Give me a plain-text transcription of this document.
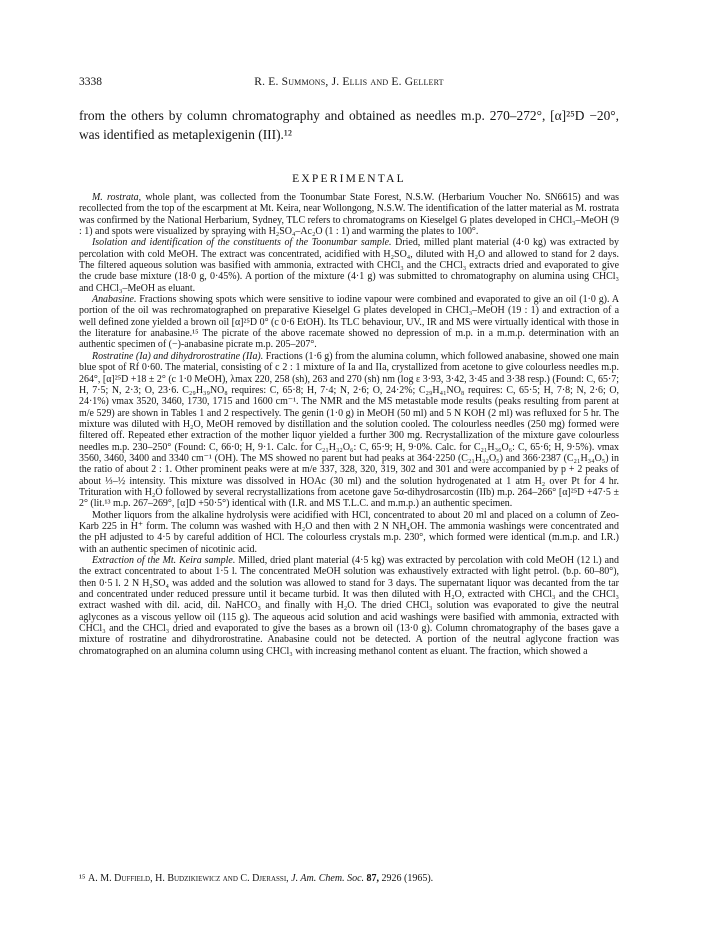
3338	R. E. Summons, J. Ellis and E. Gellert

from the others by column chromatography and obtained as needles m.p. 270–272°, [α]²⁵D −20°, was identified as metaplexigenin (III).¹²

EXPERIMENTAL

M. rostrata, whole plant, was collected from the Toonumbar State Forest, N.S.W. (Herbarium Voucher No. SN6615) and was recollected from the top of the escarpment at Mt. Keira, near Wollongong, N.S.W. The identification of the latter material as M. rostrata was confirmed by the National Herbarium, Sydney, TLC refers to chromatograms on Kieselgel G plates developed in CHCl₃–MeOH (9 : 1) and spots were visualized by spraying with H₂SO₄–Ac₂O (1 : 1) and warming the plates to 100°.

Isolation and identification of the constituents of the Toonumbar sample. Dried, milled plant material (4·0 kg) was extracted by percolation with cold MeOH. The extract was concentrated, acidified with H₂SO₄, diluted with H₂O and allowed to stand for 2 days. The filtered aqueous solution was basified with ammonia, extracted with CHCl₃ and the CHCl₃ extracts dried and evaporated to give the crude base mixture (18·0 g, 0·45%). A portion of the mixture (4·1 g) was submitted to chromatography on alumina using CHCl₃ and CHCl₃–MeOH as eluant.

Anabasine. Fractions showing spots which were sensitive to iodine vapour were combined and evaporated to give an oil (1·0 g). A portion of the oil was rechromatographed on preparative Kieselgel G plates developed in CHCl₃–MeOH (19 : 1) and extraction of a well defined zone yielded a brown oil [α]²⁵D 0° (c 0·6 EtOH). Its TLC behaviour, UV., IR and MS were virtually identical with those in the literature for anabasine.¹⁵ The picrate of the above racemate showed no depression of m.p. in a m.m.p. determination with an authentic specimen of (−)-anabasine picrate m.p. 205–207°.

Rostratine (Ia) and dihydrorostratine (IIa). Fractions (1·6 g) from the alumina column, which followed anabasine, showed one main blue spot of Rf 0·60. The material, consisting of c 2 : 1 mixture of Ia and IIa, crystallized from acetone to give colourless needles m.p. 264°, [α]²⁵D +18 ± 2° (c 1·0 MeOH), λmax 220, 258 (sh), 263 and 270 (sh) nm (log ε 3·93, 3·42, 3·45 and 3·38 resp.) (Found: C, 65·7; H, 7·5; N, 2·3; O, 23·6. C₂₉H₃₉NO₈ requires: C, 65·8; H, 7·4; N, 2·6; O, 24·2%; C₂₉H₄₁NO₈ requires: C, 65·5; H, 7·8; N, 2·6; O, 24·1%) νmax 3520, 3460, 1730, 1715 and 1600 cm⁻¹. The NMR and the MS metastable mode results (peaks resulting from parent at m/e 529) are shown in Tables 1 and 2 respectively. The genin (1·0 g) in MeOH (50 ml) and 5 N KOH (2 ml) was refluxed for 5 hr. The mixture was diluted with H₂O, MeOH removed by distillation and the solution cooled. The colourless needles (250 mg) formed were filtered off. Repeated ether extraction of the mother liquor yielded a further 300 mg. Recrystallization of the mixture gave colourless needles m.p. 230–250° (Found: C, 66·0; H, 9·1. Calc. for C₂₁H₃₂O₆: C, 65·9; H, 9·0%. Calc. for C₂₁H₃₆O₆: C, 65·6; H, 9·5%). νmax 3560, 3460, 3400 and 3340 cm⁻¹ (OH). The MS showed no parent but had peaks at 364·2250 (C₂₁H₃₂O₅) and 366·2387 (C₂₁H₃₄O₅) in the ratio of about 2 : 1. Other prominent peaks were at m/e 337, 328, 320, 319, 302 and 301 and were accompanied by p + 2 peaks of about ⅓–½ intensity. This mixture was dissolved in HOAc (30 ml) and the solution hydrogenated at 1 atm H₂ over Pt for 4 hr. Trituration with H₂O followed by several recrystallizations from acetone gave 5α-dihydrosarcostin (IIb) m.p. 264–266° [α]²⁵D +47·5 ± 2° (lit.¹³ m.p. 267–269°, [α]D +50·5°) identical with (I.R. and MS T.L.C. and m.m.p.) an authentic specimen.

Mother liquors from the alkaline hydrolysis were acidified with HCl, concentrated to about 20 ml and placed on a column of Zeo-Karb 225 in H⁺ form. The column was washed with H₂O and then with 2 N NH₄OH. The ammonia washings were concentrated and the pH adjusted to 4·5 by careful addition of HCl. The colourless crystals m.p. 230°, which formed were identical (m.m.p. and I.R.) with an authentic specimen of nicotinic acid.

Extraction of the Mt. Keira sample. Milled, dried plant material (4·5 kg) was extracted by percolation with cold MeOH (12 l.) and the extract concentrated to about 1·5 l. The concentrated MeOH solution was exhaustively extracted with light petrol. (b.p. 60–80°), then 0·5 l. 2 N H₂SO₄ was added and the solution was allowed to stand for 3 days. The supernatant liquor was decanted from the tar and concentrated under reduced pressure until it became turbid. It was then diluted with H₂O, extracted with CHCl₃ and the CHCl₃ extract washed with dil. acid, dil. NaHCO₃ and finally with H₂O. The dried CHCl₃ solution was evaporated to give the neutral aglycones as a viscous yellow oil (115 g). The aqueous acid solution and acid washings were basified with ammonia, extracted with CHCl₃ and the CHCl₃ dried and evaporated to give the bases as a brown oil (13·0 g). Column chromatography of the bases gave a mixture of rostratine and dihydrorostratine. Anabasine could not be detected. A portion of the neutral aglycone fraction was chromatographed on an alumina column using CHCl₃ with increasing methanol content as eluant. The fraction, which showed a

¹⁵ A. M. Duffield, H. Budzikiewicz and C. Djerassi, J. Am. Chem. Soc. 87, 2926 (1965).
